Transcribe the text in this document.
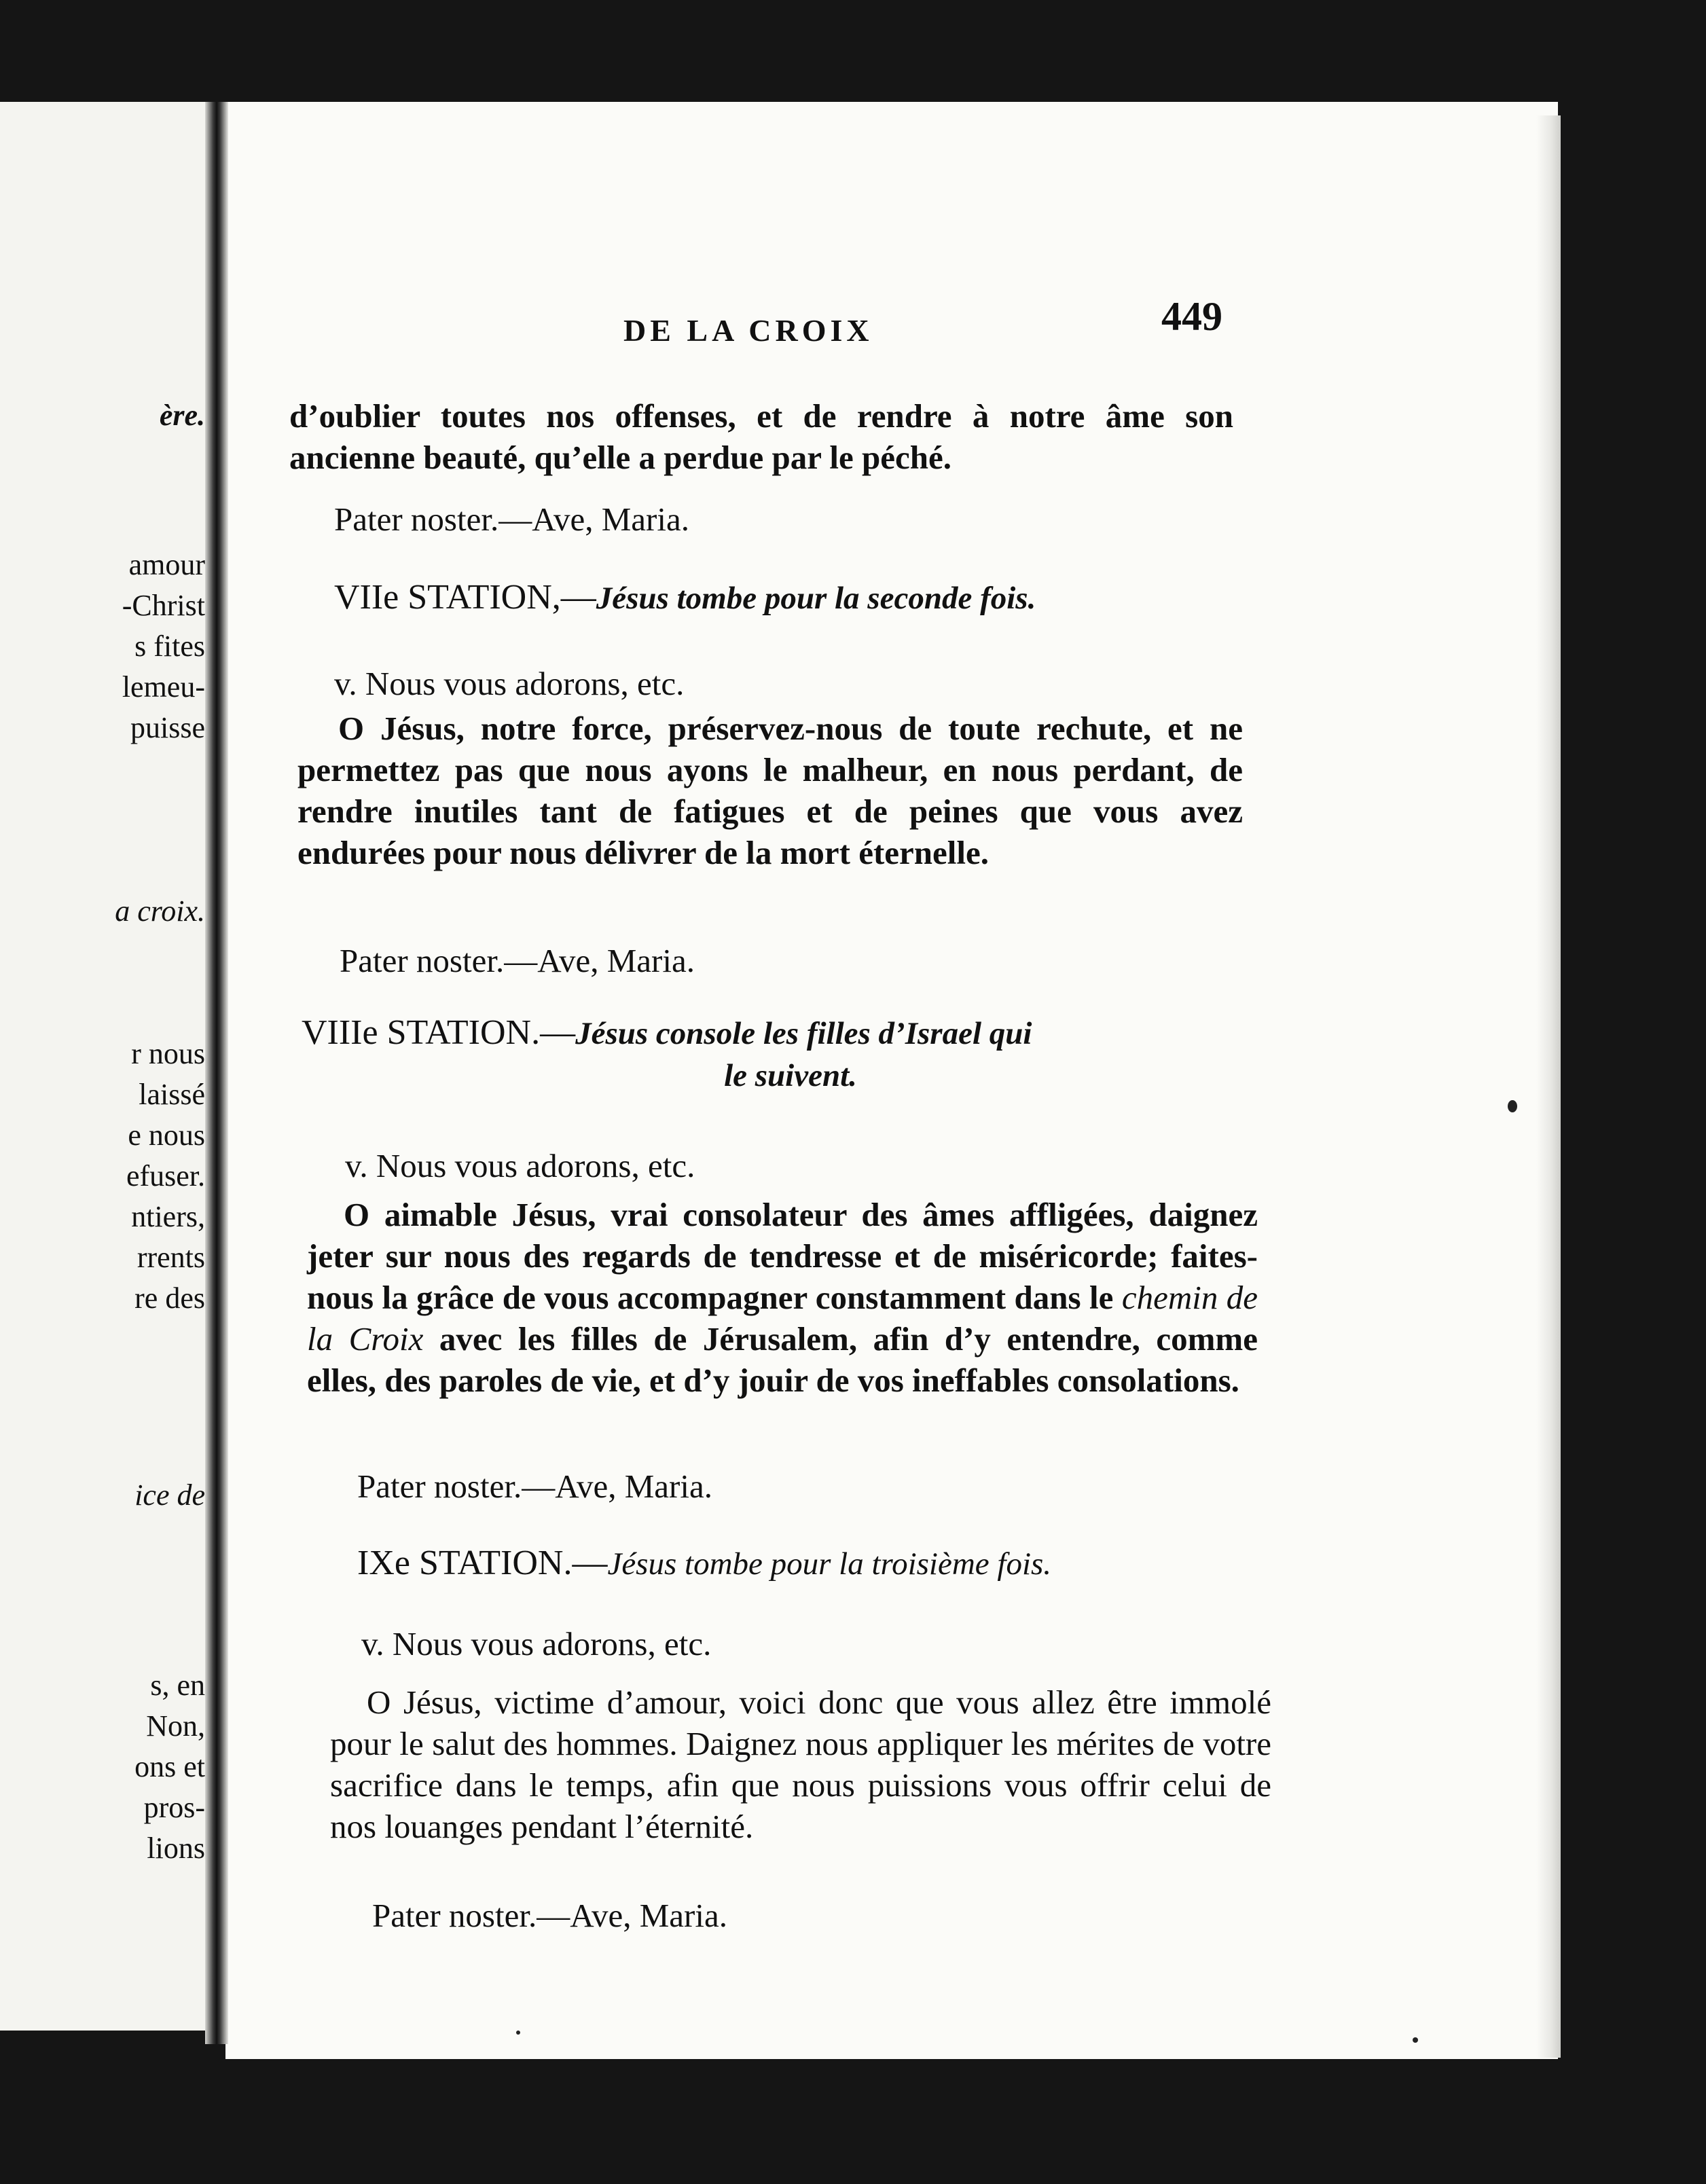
ère.
amour
-Christ
s fites
lemeu-
puisse
a croix.
r nous
laissé
e nous
efuser.
ntiers,
rrents
re des
ice de
s, en
Non,
ons et
pros-
lions
DE LA CROIX	449
d’oublier toutes nos offenses, et de rendre à notre âme son ancienne beauté, qu’elle a perdue par le péché.
Pater noster.—Ave, Maria.
VIIe STATION,—Jésus tombe pour la seconde fois.
v. Nous vous adorons, etc.
O Jésus, notre force, préservez-nous de toute rechute, et ne permettez pas que nous ayons le malheur, en nous perdant, de rendre inutiles tant de fatigues et de peines que vous avez endurées pour nous délivrer de la mort éternelle.
Pater noster.—Ave, Maria.
VIIIe STATION.—Jésus console les filles d’Israel qui
le suivent.
v. Nous vous adorons, etc.
O aimable Jésus, vrai consolateur des âmes affligées, daignez jeter sur nous des regards de tendresse et de miséricorde; faites-nous la grâce de vous accompagner constamment dans le chemin de la Croix avec les filles de Jérusalem, afin d’y entendre, comme elles, des paroles de vie, et d’y jouir de vos ineffables consolations.
Pater noster.—Ave, Maria.
IXe STATION.—Jésus tombe pour la troisième fois.
v. Nous vous adorons, etc.
O Jésus, victime d’amour, voici donc que vous allez être immolé pour le salut des hommes. Daignez nous appliquer les mérites de votre sacrifice dans le temps, afin que nous puissions vous offrir celui de nos louanges pendant l’éternité.
Pater noster.—Ave, Maria.
